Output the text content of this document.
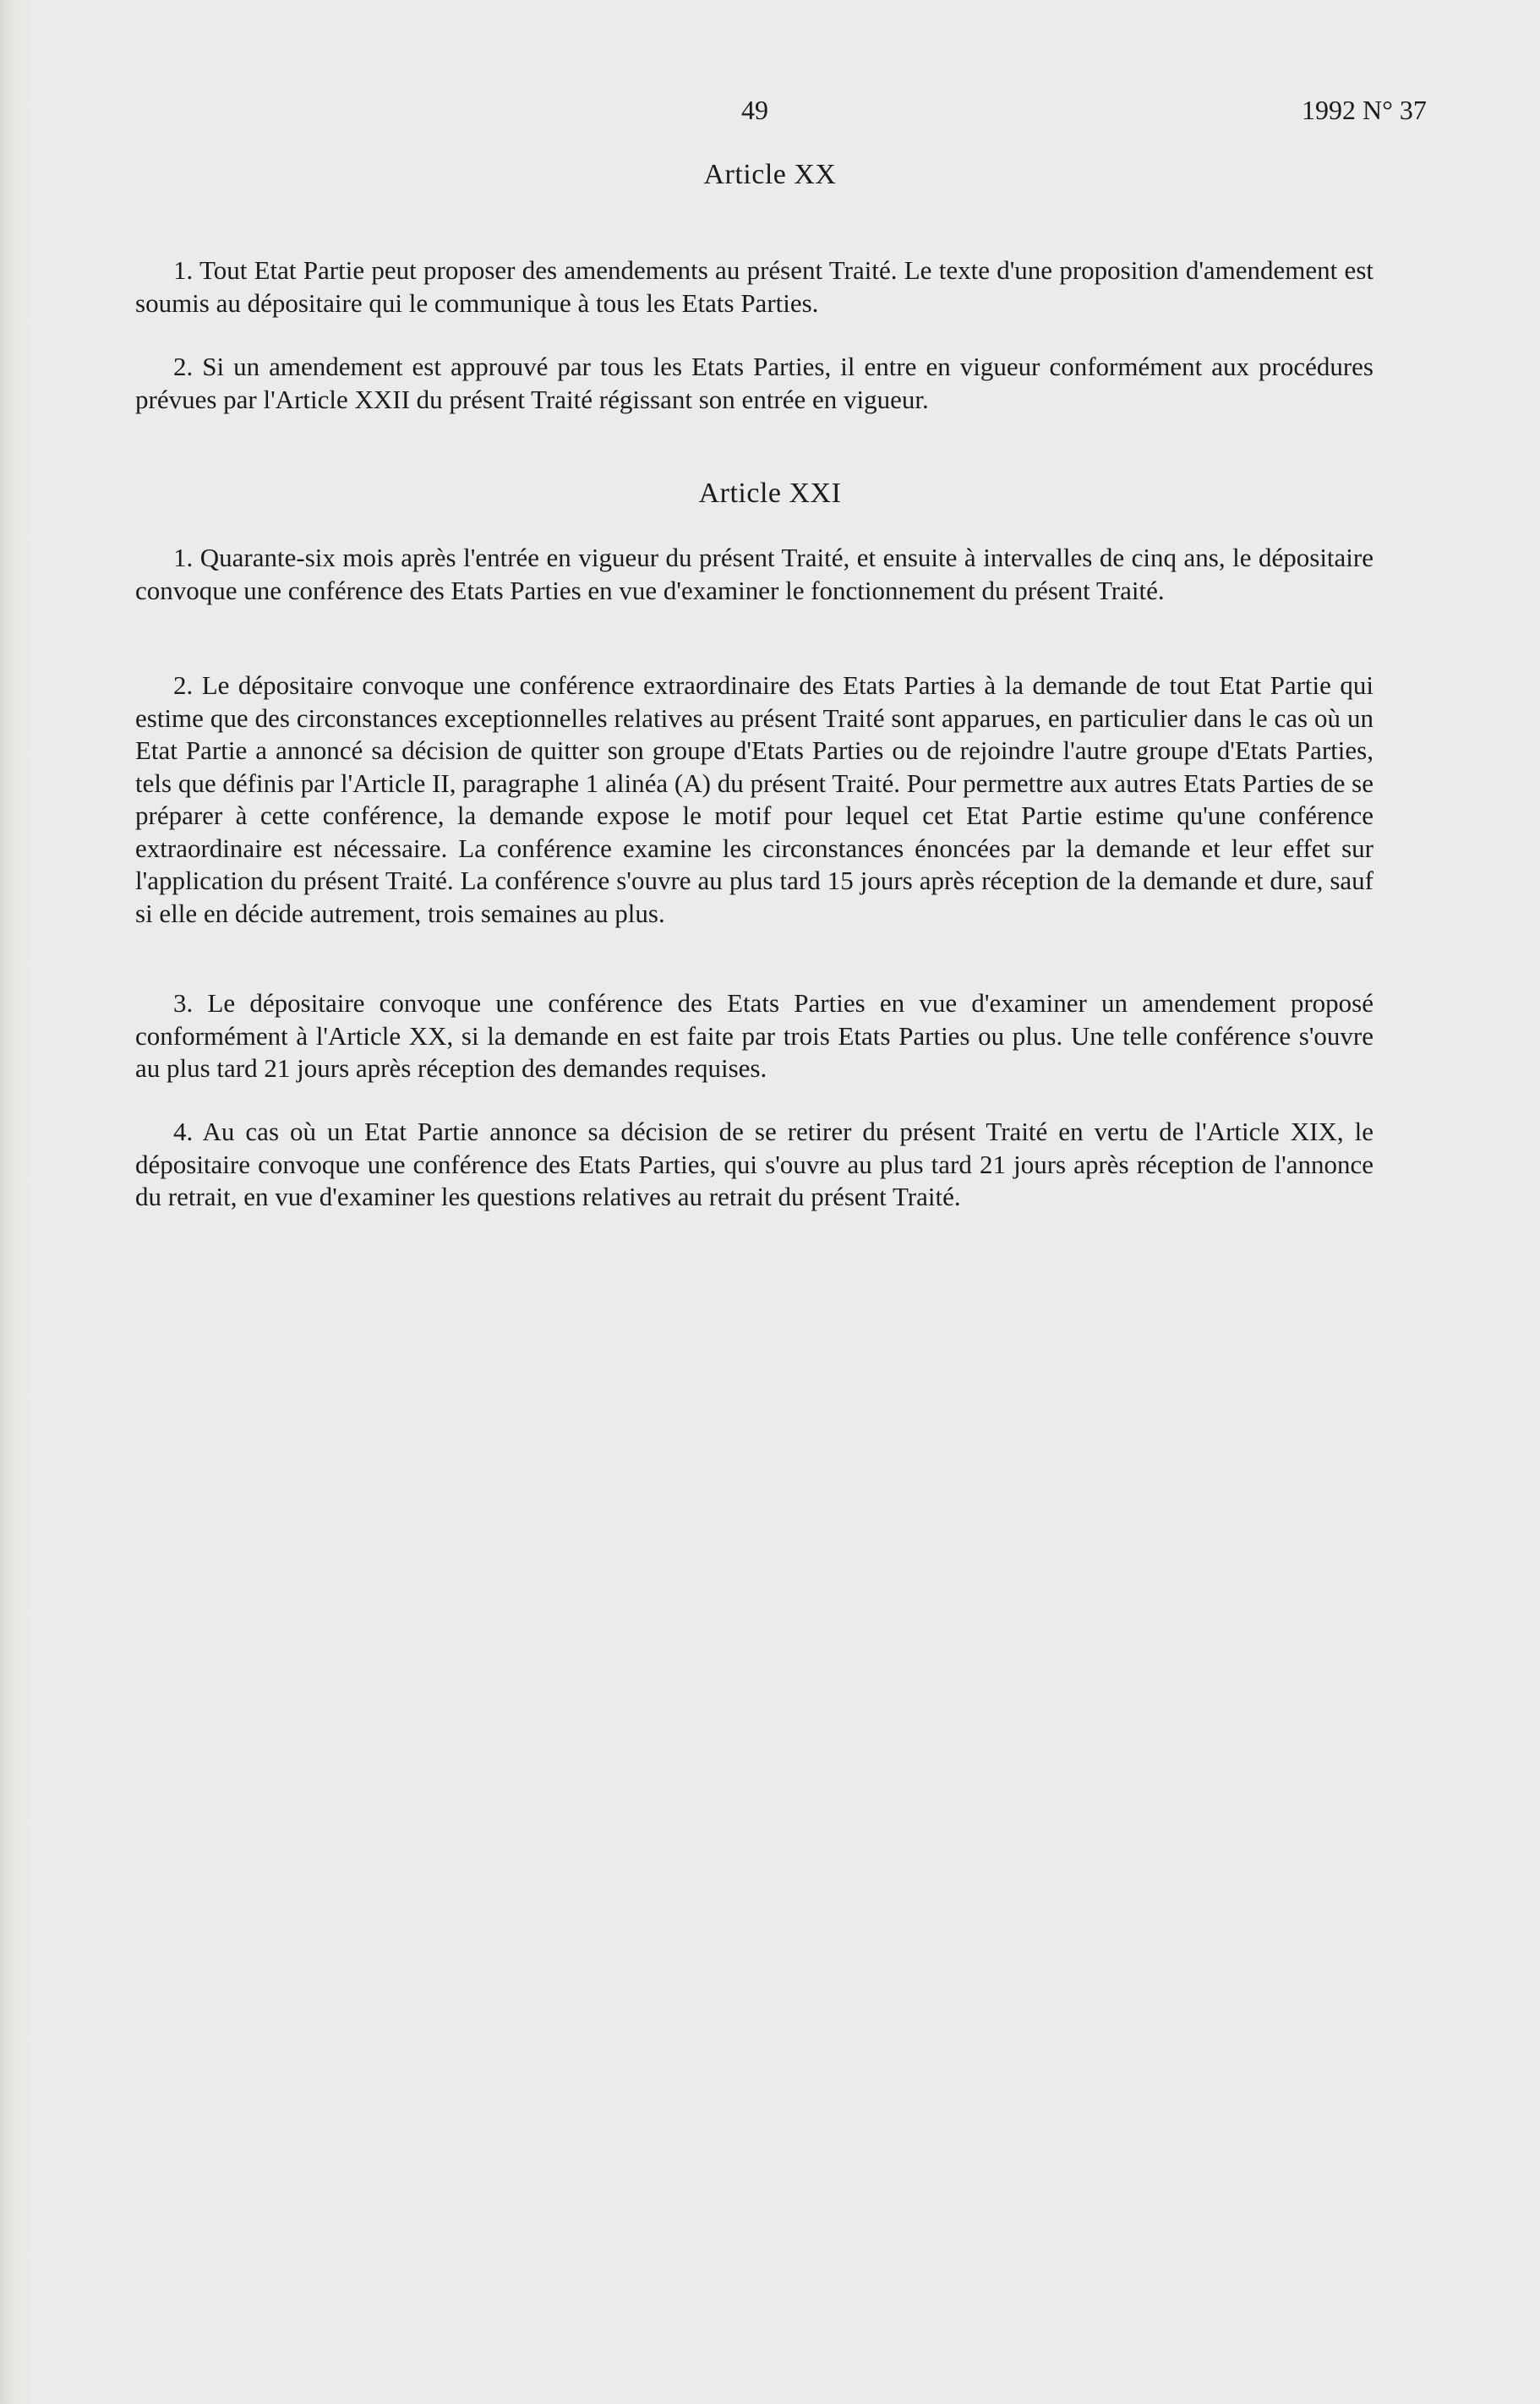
49	1992 N° 37
Article XX

1. Tout Etat Partie peut proposer des amendements au présent Traité. Le texte d'une proposition d'amendement est soumis au dépositaire qui le communique à tous les Etats Parties.

2. Si un amendement est approuvé par tous les Etats Parties, il entre en vigueur conformément aux procédures prévues par l'Article XXII du présent Traité régissant son entrée en vigueur.

Article XXI

1. Quarante-six mois après l'entrée en vigueur du présent Traité, et ensuite à intervalles de cinq ans, le dépositaire convoque une conférence des Etats Parties en vue d'examiner le fonctionnement du présent Traité.

2. Le dépositaire convoque une conférence extraordinaire des Etats Parties à la demande de tout Etat Partie qui estime que des circonstances exceptionnelles relatives au présent Traité sont apparues, en particulier dans le cas où un Etat Partie a annoncé sa décision de quitter son groupe d'Etats Parties ou de rejoindre l'autre groupe d'Etats Parties, tels que définis par l'Article II, paragraphe 1 alinéa (A) du présent Traité. Pour permettre aux autres Etats Parties de se préparer à cette conférence, la demande expose le motif pour lequel cet Etat Partie estime qu'une conférence extraordinaire est nécessaire. La conférence examine les circonstances énoncées par la demande et leur effet sur l'application du présent Traité. La conférence s'ouvre au plus tard 15 jours après réception de la demande et dure, sauf si elle en décide autrement, trois semaines au plus.

3. Le dépositaire convoque une conférence des Etats Parties en vue d'examiner un amendement proposé conformément à l'Article XX, si la demande en est faite par trois Etats Parties ou plus. Une telle conférence s'ouvre au plus tard 21 jours après réception des demandes requises.

4. Au cas où un Etat Partie annonce sa décision de se retirer du présent Traité en vertu de l'Article XIX, le dépositaire convoque une conférence des Etats Parties, qui s'ouvre au plus tard 21 jours après réception de l'annonce du retrait, en vue d'examiner les questions relatives au retrait du présent Traité.
